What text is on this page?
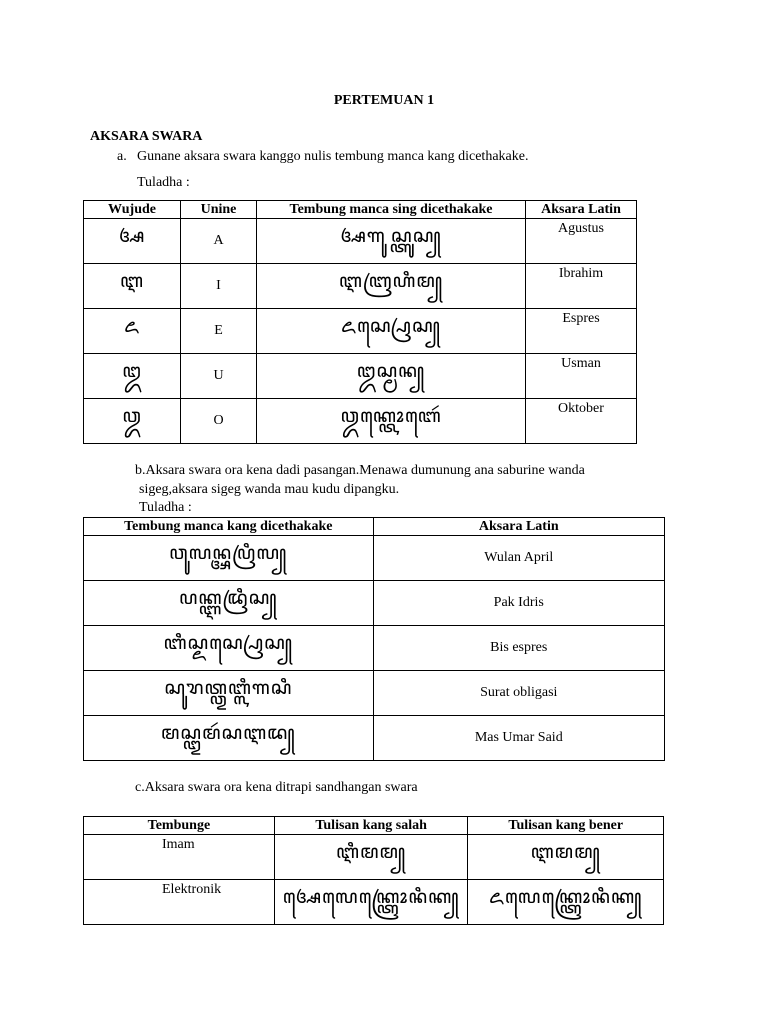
PERTEMUAN 1
AKSARA SWARA
a. Gunane aksara swara kanggo nulis tembung manca kang dicethakake.
Tuladha :
Wujude	Unine	Tembung manca sing dicethakake	Aksara Latin
ꦄ	A	ꦄꦒꦸꦱ꧀ꦠꦸꦱ꧀	Agustus
ꦆ	I	ꦆꦧꦿꦲꦶꦩ꧀	Ibrahim
ꦌ	E	ꦌꦱ꧀ꦥꦿꦺꦱ꧀	Espres
ꦈ	U	ꦈꦱ꧀ꦩꦤ꧀	Usman
ꦎ	O	ꦎꦏ꧀ꦠꦺꦴꦧꦺꦂ	Oktober
b.Aksara swara ora kena dadi pasangan.Menawa dumunung ana saburine wanda
sigeg,aksara sigeg wanda mau kudu dipangku.
Tuladha :
Tembung manca kang dicethakake	Aksara Latin
ꦮꦸꦭꦤ꧀ꦄꦥꦿꦶꦭ꧀	Wulan April
ꦥꦏ꧀ꦆꦢꦿꦶꦱ꧀	Pak Idris
ꦧꦶꦱ꧀ꦌꦱ꧀ꦥꦿꦺꦱ꧀	Bis espres
ꦱꦸꦫꦠ꧀ꦎꦧ꧀ꦭꦶꦒꦱꦶ	Surat obligasi
ꦩꦱ꧀ꦈꦩꦂꦱꦆꦢ꧀	Mas Umar Said
c.Aksara swara ora kena ditrapi sandhangan swara
Tembunge	Tulisan kang salah	Tulisan kang bener
Imam	ꦆꦶꦩꦩ꧀	ꦆꦩꦩ꧀
Elektronik	ꦄꦺꦭꦺꦏ꧀ꦠꦿꦺꦴꦤꦶꦏ꧀	ꦌꦭꦺꦏ꧀ꦠꦿꦺꦴꦤꦶꦏ꧀
